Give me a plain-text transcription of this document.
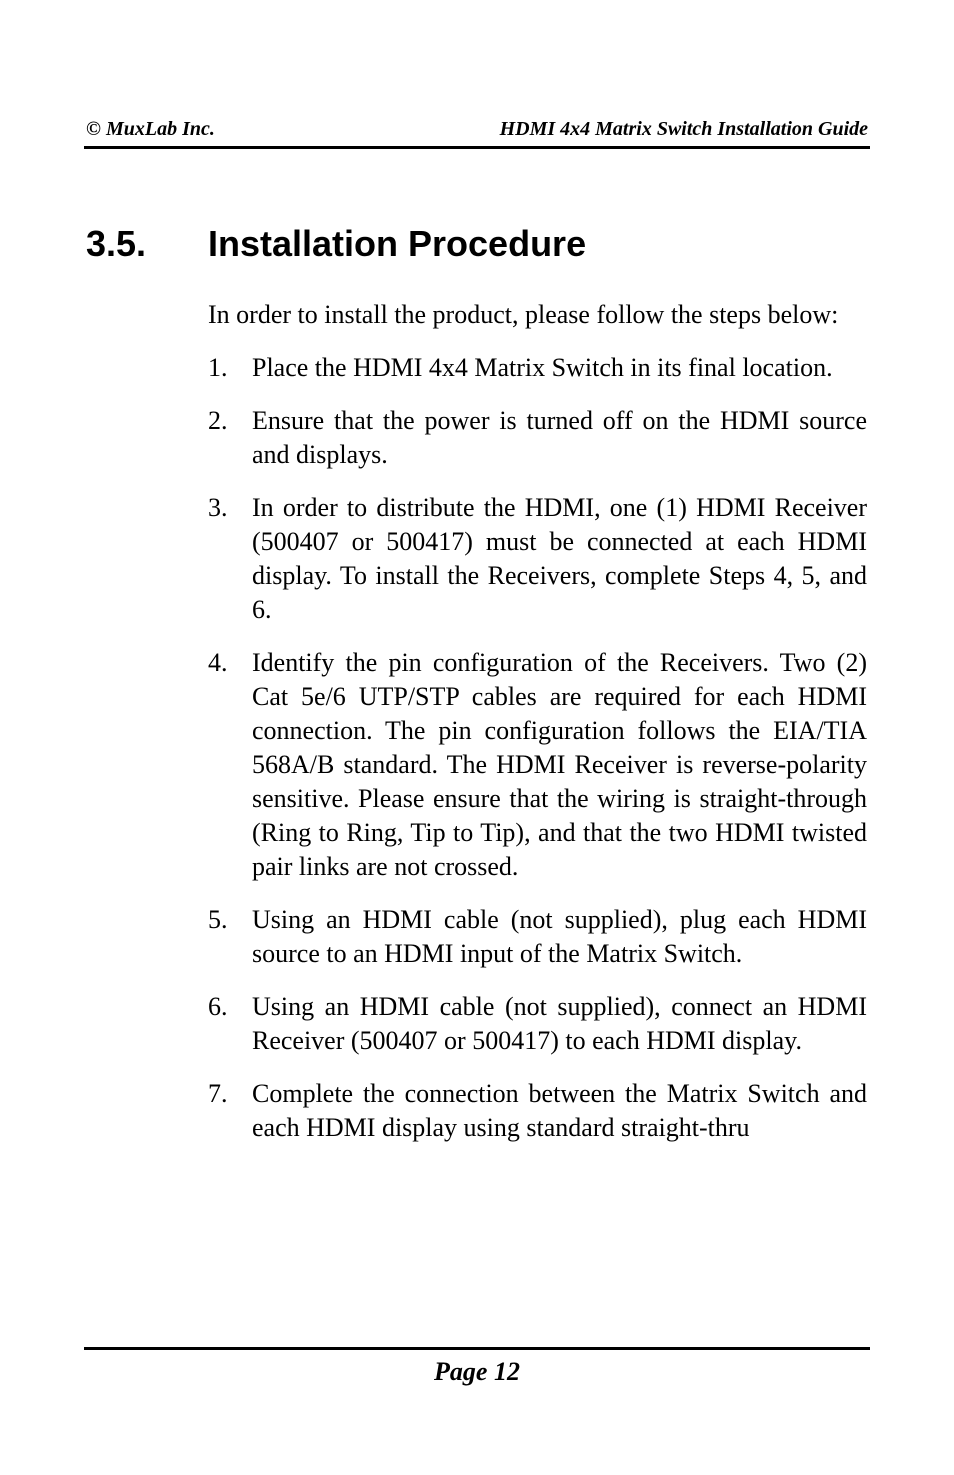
© MuxLab Inc.	HDMI 4x4 Matrix Switch Installation Guide
3.5. Installation Procedure

In order to install the product, please follow the steps below:

1. Place the HDMI 4x4 Matrix Switch in its final location.
2. Ensure that the power is turned off on the HDMI source and displays.
3. In order to distribute the HDMI, one (1) HDMI Receiver (500407 or 500417) must be connected at each HDMI display. To install the Receivers, complete Steps 4, 5, and 6.
4. Identify the pin configuration of the Receivers. Two (2) Cat 5e/6 UTP/STP cables are required for each HDMI connection. The pin configuration follows the EIA/TIA 568A/B standard. The HDMI Receiver is reverse-polarity sensitive. Please ensure that the wiring is straight-through (Ring to Ring, Tip to Tip), and that the two HDMI twisted pair links are not crossed.
5. Using an HDMI cable (not supplied), plug each HDMI source to an HDMI input of the Matrix Switch.
6. Using an HDMI cable (not supplied), connect an HDMI Receiver (500407 or 500417) to each HDMI display.
7. Complete the connection between the Matrix Switch and each HDMI display using standard straight-thru
Page 12
